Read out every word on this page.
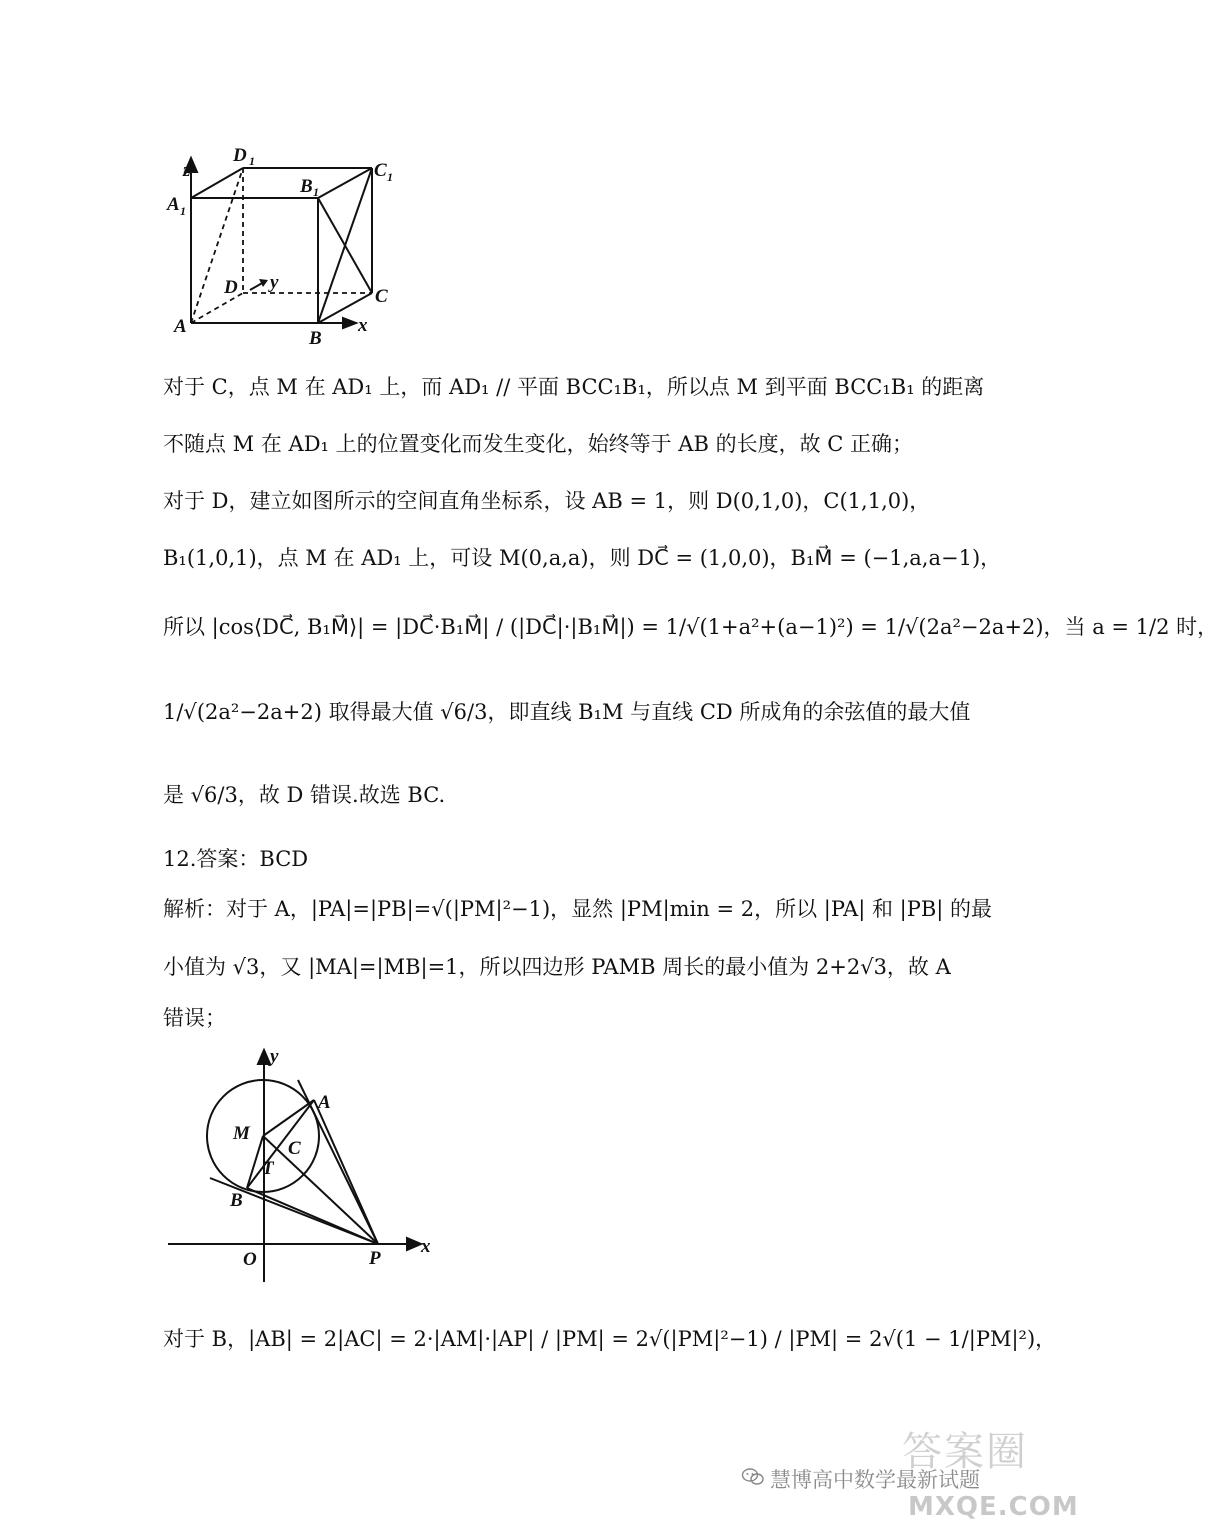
z
D 1	C 1
A 1
B 1
D y
C
A
B
x
对于 C，点 M 在 AD₁ 上，而 AD₁ // 平面 BCC₁B₁，所以点 M 到平面 BCC₁B₁ 的距离
不随点 M 在 AD₁ 上的位置变化而发生变化，始终等于 AB 的长度，故 C 正确；
对于 D，建立如图所示的空间直角坐标系，设 AB = 1，则 D(0,1,0)，C(1,1,0)，
B₁(1,0,1)，点 M 在 AD₁ 上，可设 M(0,a,a)，则 DC⃗ = (1,0,0)，B₁M⃗ = (−1,a,a−1)，
所以 |cos⟨DC⃗, B₁M⃗⟩| = |DC⃗·B₁M⃗| / (|DC⃗|·|B₁M⃗|) = 1/√(1+a²+(a−1)²) = 1/√(2a²−2a+2)，当 a = 1/2 时，
1/√(2a²−2a+2) 取得最大值 √6/3，即直线 B₁M 与直线 CD 所成角的余弦值的最大值
是 √6/3，故 D 错误.故选 BC.
12.答案：BCD
解析：对于 A，|PA|=|PB|=√(|PM|²−1)，显然 |PM|min = 2，所以 |PA| 和 |PB| 的最
小值为 √3，又 |MA|=|MB|=1，所以四边形 PAMB 周长的最小值为 2+2√3，故 A
错误；
y
A
M
C
T
B
x
O	P
对于 B，|AB| = 2|AC| = 2·|AM|·|AP| / |PM| = 2√(|PM|²−1) / |PM| = 2√(1 − 1/|PM|²)，
慧博高中数学最新试题
答案圈
MXQE.COM
